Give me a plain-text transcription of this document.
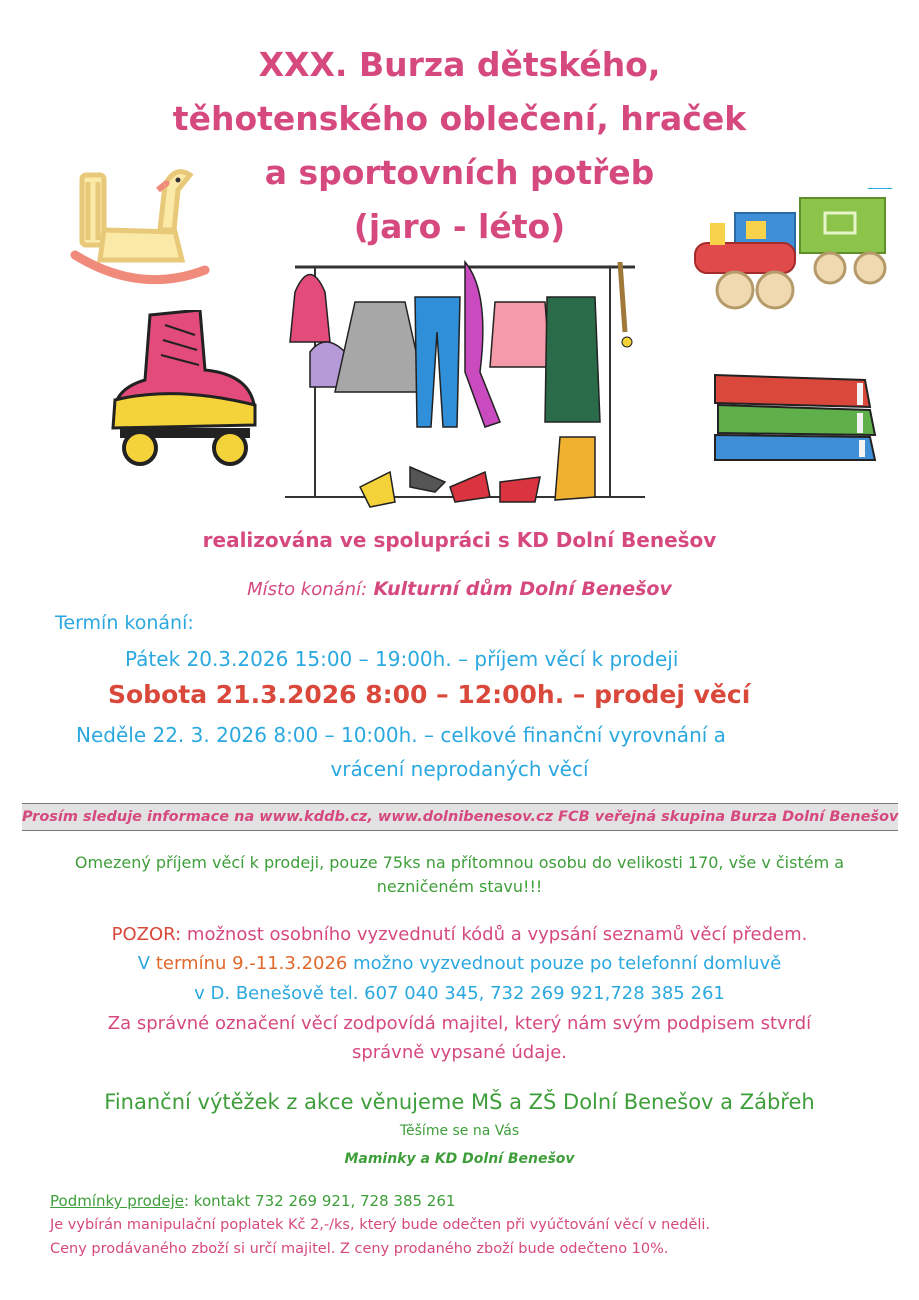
XXX. Burza dětského,
těhotenského oblečení, hraček
a sportovních potřeb
(jaro - léto)
realizována ve spolupráci s KD Dolní Benešov
Místo konání: Kulturní dům Dolní Benešov
Termín konání:
Pátek 20.3.2026 15:00 – 19:00h. – příjem věcí k prodeji
Sobota 21.3.2026 8:00 – 12:00h. – prodej věcí
Neděle 22. 3. 2026 8:00 – 10:00h. – celkové finanční vyrovnání a
vrácení neprodaných věcí
Prosím sleduje informace na www.kddb.cz, www.dolnibenesov.cz FCB veřejná skupina Burza Dolní Benešov
Omezený příjem věcí k prodeji, pouze 75ks na přítomnou osobu do velikosti 170, vše v čistém a
nezničeném stavu!!!
POZOR: možnost osobního vyzvednutí kódů a vypsání seznamů věcí předem.
V termínu 9.-11.3.2026 možno vyzvednout pouze po telefonní domluvě
v D. Benešově tel. 607 040 345, 732 269 921,728 385 261
Za správné označení věcí zodpovídá majitel, který nám svým podpisem stvrdí
správně vypsané údaje.
Finanční výtěžek z akce věnujeme MŠ a ZŠ Dolní Benešov a Zábřeh
Těšíme se na Vás
Maminky a KD Dolní Benešov
Podmínky prodeje: kontakt 732 269 921, 728 385 261
Je vybírán manipulační poplatek Kč 2,-/ks, který bude odečten při vyúčtování věcí v neděli.
Ceny prodávaného zboží si určí majitel. Z ceny prodaného zboží bude odečteno 10%.
